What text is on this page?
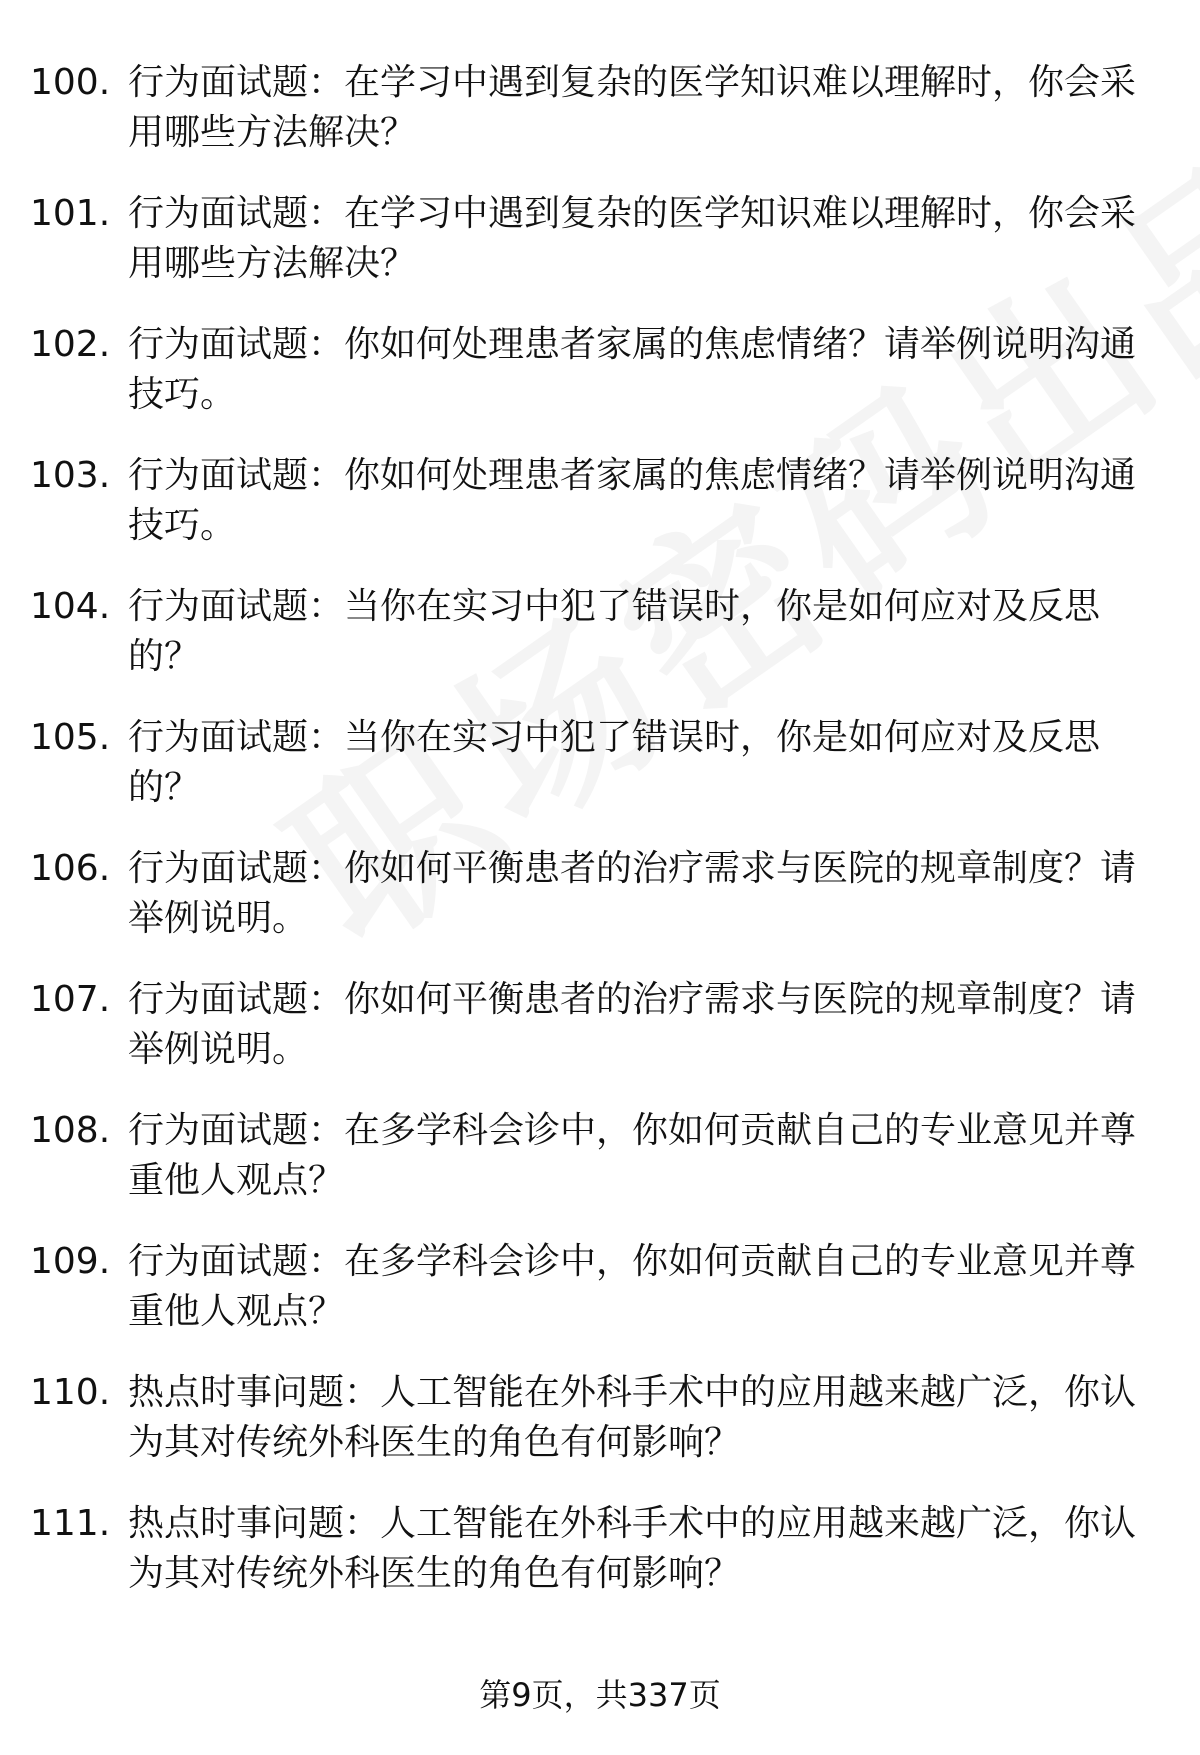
100. 行为面试题：在学习中遇到复杂的医学知识难以理解时，你会采用哪些方法解决？
101. 行为面试题：在学习中遇到复杂的医学知识难以理解时，你会采用哪些方法解决？
102. 行为面试题：你如何处理患者家属的焦虑情绪？请举例说明沟通技巧。
103. 行为面试题：你如何处理患者家属的焦虑情绪？请举例说明沟通技巧。
104. 行为面试题：当你在实习中犯了错误时，你是如何应对及反思的？
105. 行为面试题：当你在实习中犯了错误时，你是如何应对及反思的？
106. 行为面试题：你如何平衡患者的治疗需求与医院的规章制度？请举例说明。
107. 行为面试题：你如何平衡患者的治疗需求与医院的规章制度？请举例说明。
108. 行为面试题：在多学科会诊中，你如何贡献自己的专业意见并尊重他人观点？
109. 行为面试题：在多学科会诊中，你如何贡献自己的专业意见并尊重他人观点？
110. 热点时事问题：人工智能在外科手术中的应用越来越广泛，你认为其对传统外科医生的角色有何影响？
111. 热点时事问题：人工智能在外科手术中的应用越来越广泛，你认为其对传统外科医生的角色有何影响？
第9页，共337页
